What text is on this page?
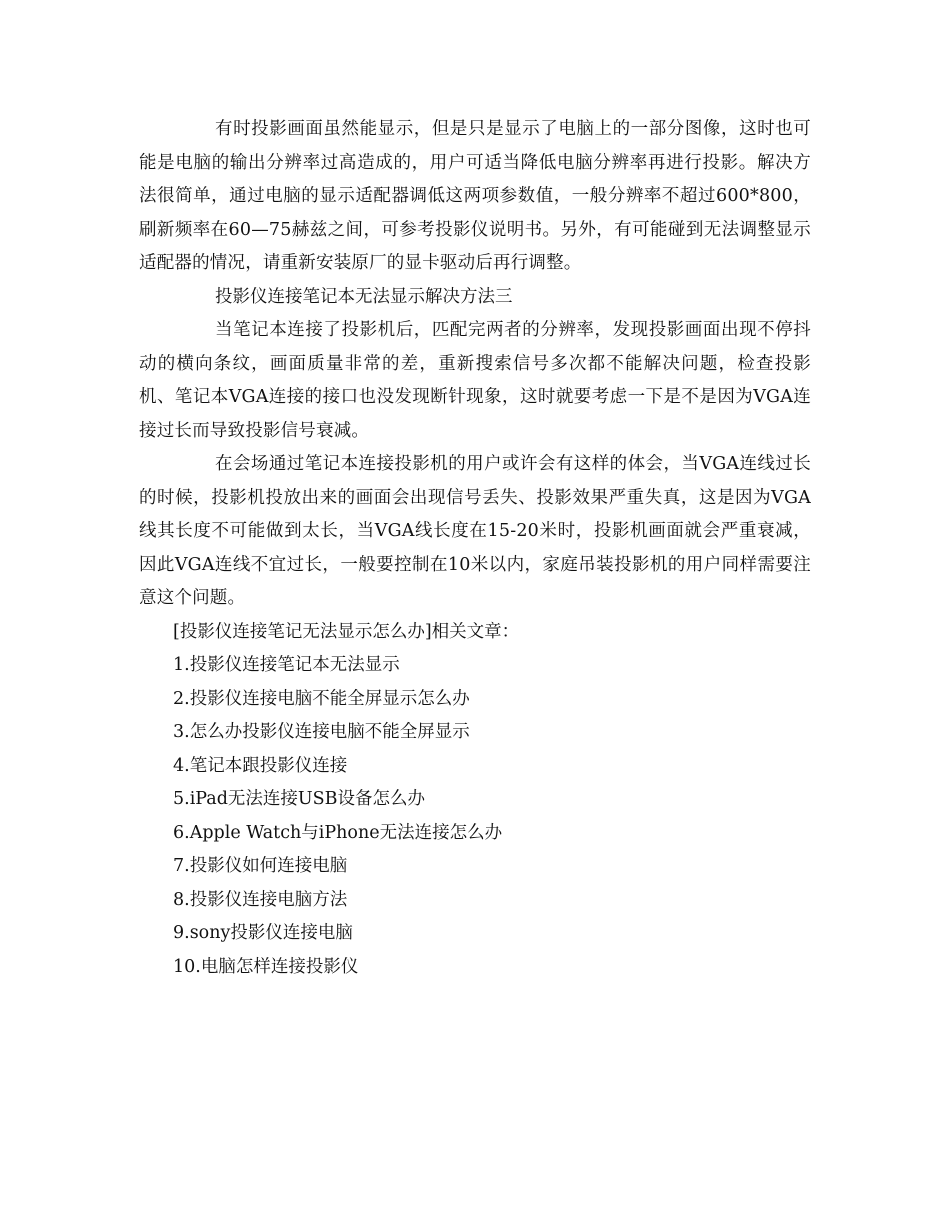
有时投影画面虽然能显示，但是只是显示了电脑上的一部分图像，这时也可能是电脑的输出分辨率过高造成的，用户可适当降低电脑分辨率再进行投影。解决方法很简单，通过电脑的显示适配器调低这两项参数值，一般分辨率不超过600*800，刷新频率在60—75赫兹之间，可参考投影仪说明书。另外，有可能碰到无法调整显示适配器的情况，请重新安装原厂的显卡驱动后再行调整。

投影仪连接笔记本无法显示解决方法三

当笔记本连接了投影机后，匹配完两者的分辨率，发现投影画面出现不停抖动的横向条纹，画面质量非常的差，重新搜索信号多次都不能解决问题，检查投影机、笔记本VGA连接的接口也没发现断针现象，这时就要考虑一下是不是因为VGA连接过长而导致投影信号衰减。

在会场通过笔记本连接投影机的用户或许会有这样的体会，当VGA连线过长的时候，投影机投放出来的画面会出现信号丢失、投影效果严重失真，这是因为VGA线其长度不可能做到太长，当VGA线长度在15-20米时，投影机画面就会严重衰减，因此VGA连线不宜过长，一般要控制在10米以内，家庭吊装投影机的用户同样需要注意这个问题。

[投影仪连接笔记无法显示怎么办]相关文章：

1.投影仪连接笔记本无法显示
2.投影仪连接电脑不能全屏显示怎么办
3.怎么办投影仪连接电脑不能全屏显示
4.笔记本跟投影仪连接
5.iPad无法连接USB设备怎么办
6.Apple Watch与iPhone无法连接怎么办
7.投影仪如何连接电脑
8.投影仪连接电脑方法
9.sony投影仪连接电脑
10.电脑怎样连接投影仪
